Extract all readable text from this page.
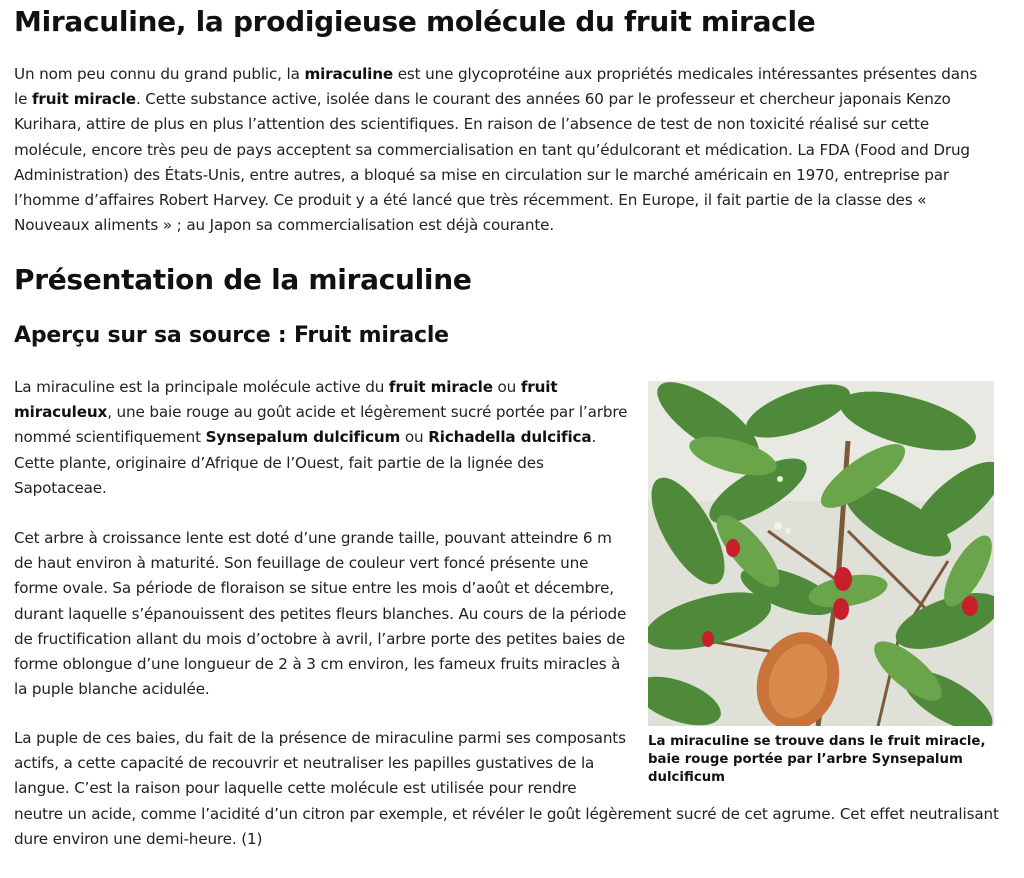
Miraculine, la prodigieuse molécule du fruit miracle

Un nom peu connu du grand public, la miraculine est une glycoprotéine aux propriétés medicales intéressantes présentes dans le fruit miracle. Cette substance active, isolée dans le courant des années 60 par le professeur et chercheur japonais Kenzo Kurihara, attire de plus en plus l’attention des scientifiques. En raison de l’absence de test de non toxicité réalisé sur cette molécule, encore très peu de pays acceptent sa commercialisation en tant qu’édulcorant et médication. La FDA (Food and Drug Administration) des États-Unis, entre autres, a bloqué sa mise en circulation sur le marché américain en 1970, entreprise par l’homme d’affaires Robert Harvey. Ce produit y a été lancé que très récemment. En Europe, il fait partie de la classe des « Nouveaux aliments » ; au Japon sa commercialisation est déjà courante.

Présentation de la miraculine
Aperçu sur sa source : Fruit miracle

La miraculine est la principale molécule active du fruit miracle ou fruit miraculeux, une baie rouge au goût acide et légèrement sucré portée par l’arbre nommé scientifiquement Synsepalum dulcificum ou Richadella dulcifica.
Cette plante, originaire d’Afrique de l’Ouest, fait partie de la lignée des Sapotaceae.

Cet arbre à croissance lente est doté d’une grande taille, pouvant atteindre 6 m de haut environ à maturité. Son feuillage de couleur vert foncé présente une forme ovale. Sa période de floraison se situe entre les mois d’août et décembre, durant laquelle s’épanouissent des petites fleurs blanches. Au cours de la période de fructification allant du mois d’octobre à avril, l’arbre porte des petites baies de forme oblongue d’une longueur de 2 à 3 cm environ, les fameux fruits miracles à la puple blanche acidulée.

La puple de ces baies, du fait de la présence de miraculine parmi ses composants
actifs, a cette capacité de recouvrir et neutraliser les papilles gustatives de la
langue. C’est la raison pour laquelle cette molécule est utilisée pour rendre
neutre un acide, comme l’acidité d’un citron par exemple, et révéler le goût légèrement sucré de cet agrume. Cet effet neutralisant dure environ une demi-heure. (1)

La miraculine se trouve dans le fruit miracle, baie rouge portée par l’arbre Synsepalum dulcificum
